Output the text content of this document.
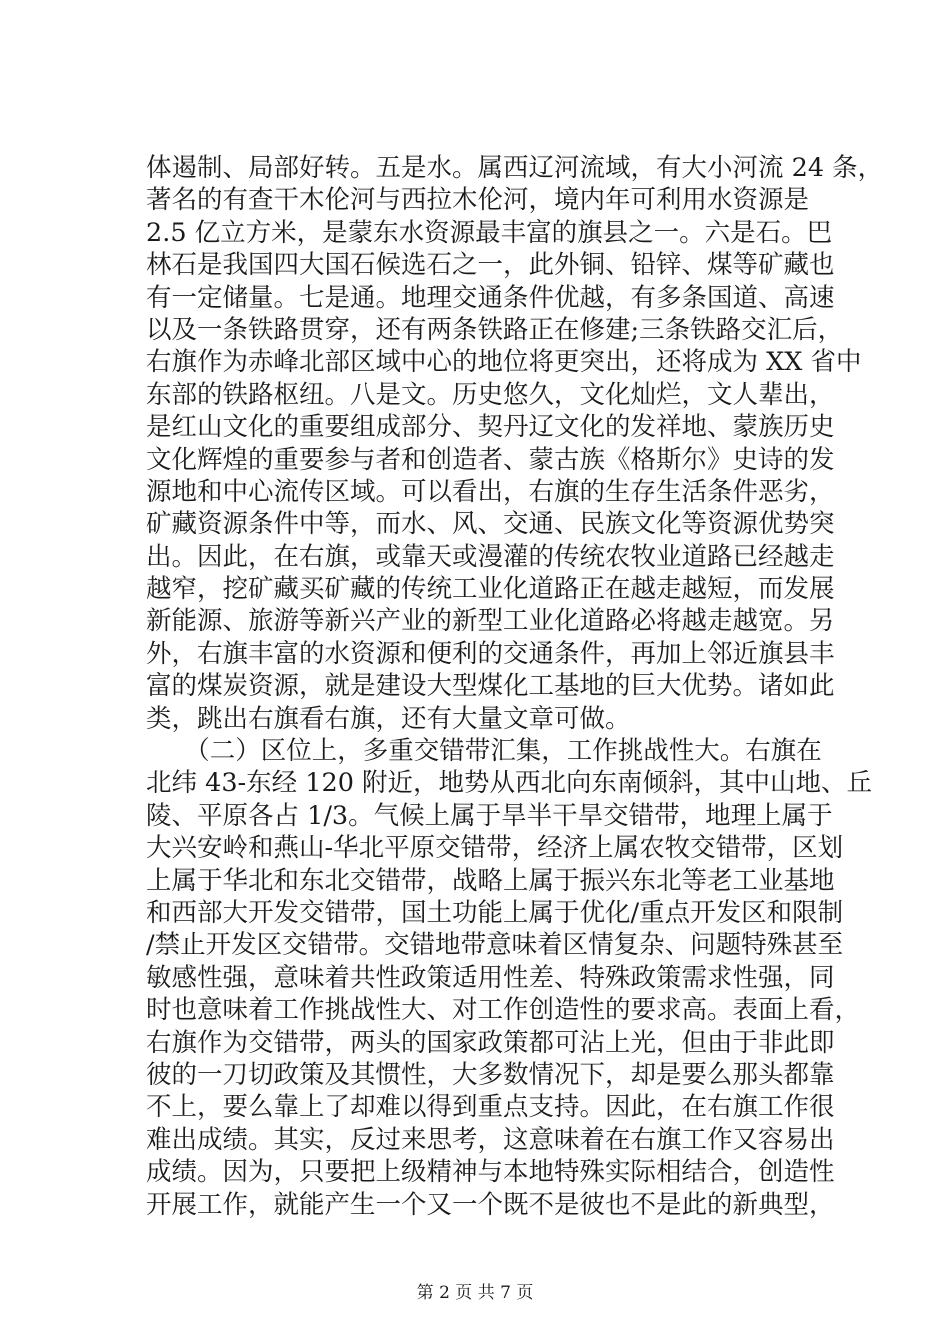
体遏制、局部好转。五是水。属西辽河流域，有大小河流 24 条，
著名的有查干木伦河与西拉木伦河，境内年可利用水资源是
2.5 亿立方米，是蒙东水资源最丰富的旗县之一。六是石。巴
林石是我国四大国石候选石之一，此外铜、铅锌、煤等矿藏也
有一定储量。七是通。地理交通条件优越，有多条国道、高速
以及一条铁路贯穿，还有两条铁路正在修建;三条铁路交汇后，
右旗作为赤峰北部区域中心的地位将更突出，还将成为 XX 省中
东部的铁路枢纽。八是文。历史悠久，文化灿烂，文人辈出，
是红山文化的重要组成部分、契丹辽文化的发祥地、蒙族历史
文化辉煌的重要参与者和创造者、蒙古族《格斯尔》史诗的发
源地和中心流传区域。可以看出，右旗的生存生活条件恶劣，
矿藏资源条件中等，而水、风、交通、民族文化等资源优势突
出。因此，在右旗，或靠天或漫灌的传统农牧业道路已经越走
越窄，挖矿藏买矿藏的传统工业化道路正在越走越短，而发展
新能源、旅游等新兴产业的新型工业化道路必将越走越宽。另
外，右旗丰富的水资源和便利的交通条件，再加上邻近旗县丰
富的煤炭资源，就是建设大型煤化工基地的巨大优势。诸如此
类，跳出右旗看右旗，还有大量文章可做。
　　（二）区位上，多重交错带汇集，工作挑战性大。右旗在
北纬 43-东经 120 附近，地势从西北向东南倾斜，其中山地、丘
陵、平原各占 1/3。气候上属于旱半干旱交错带，地理上属于
大兴安岭和燕山-华北平原交错带，经济上属农牧交错带，区划
上属于华北和东北交错带，战略上属于振兴东北等老工业基地
和西部大开发交错带，国土功能上属于优化/重点开发区和限制
/禁止开发区交错带。交错地带意味着区情复杂、问题特殊甚至
敏感性强，意味着共性政策适用性差、特殊政策需求性强，同
时也意味着工作挑战性大、对工作创造性的要求高。表面上看，
右旗作为交错带，两头的国家政策都可沾上光，但由于非此即
彼的一刀切政策及其惯性，大多数情况下，却是要么那头都靠
不上，要么靠上了却难以得到重点支持。因此，在右旗工作很
难出成绩。其实，反过来思考，这意味着在右旗工作又容易出
成绩。因为，只要把上级精神与本地特殊实际相结合，创造性
开展工作，就能产生一个又一个既不是彼也不是此的新典型，
第 2 页 共 7 页
